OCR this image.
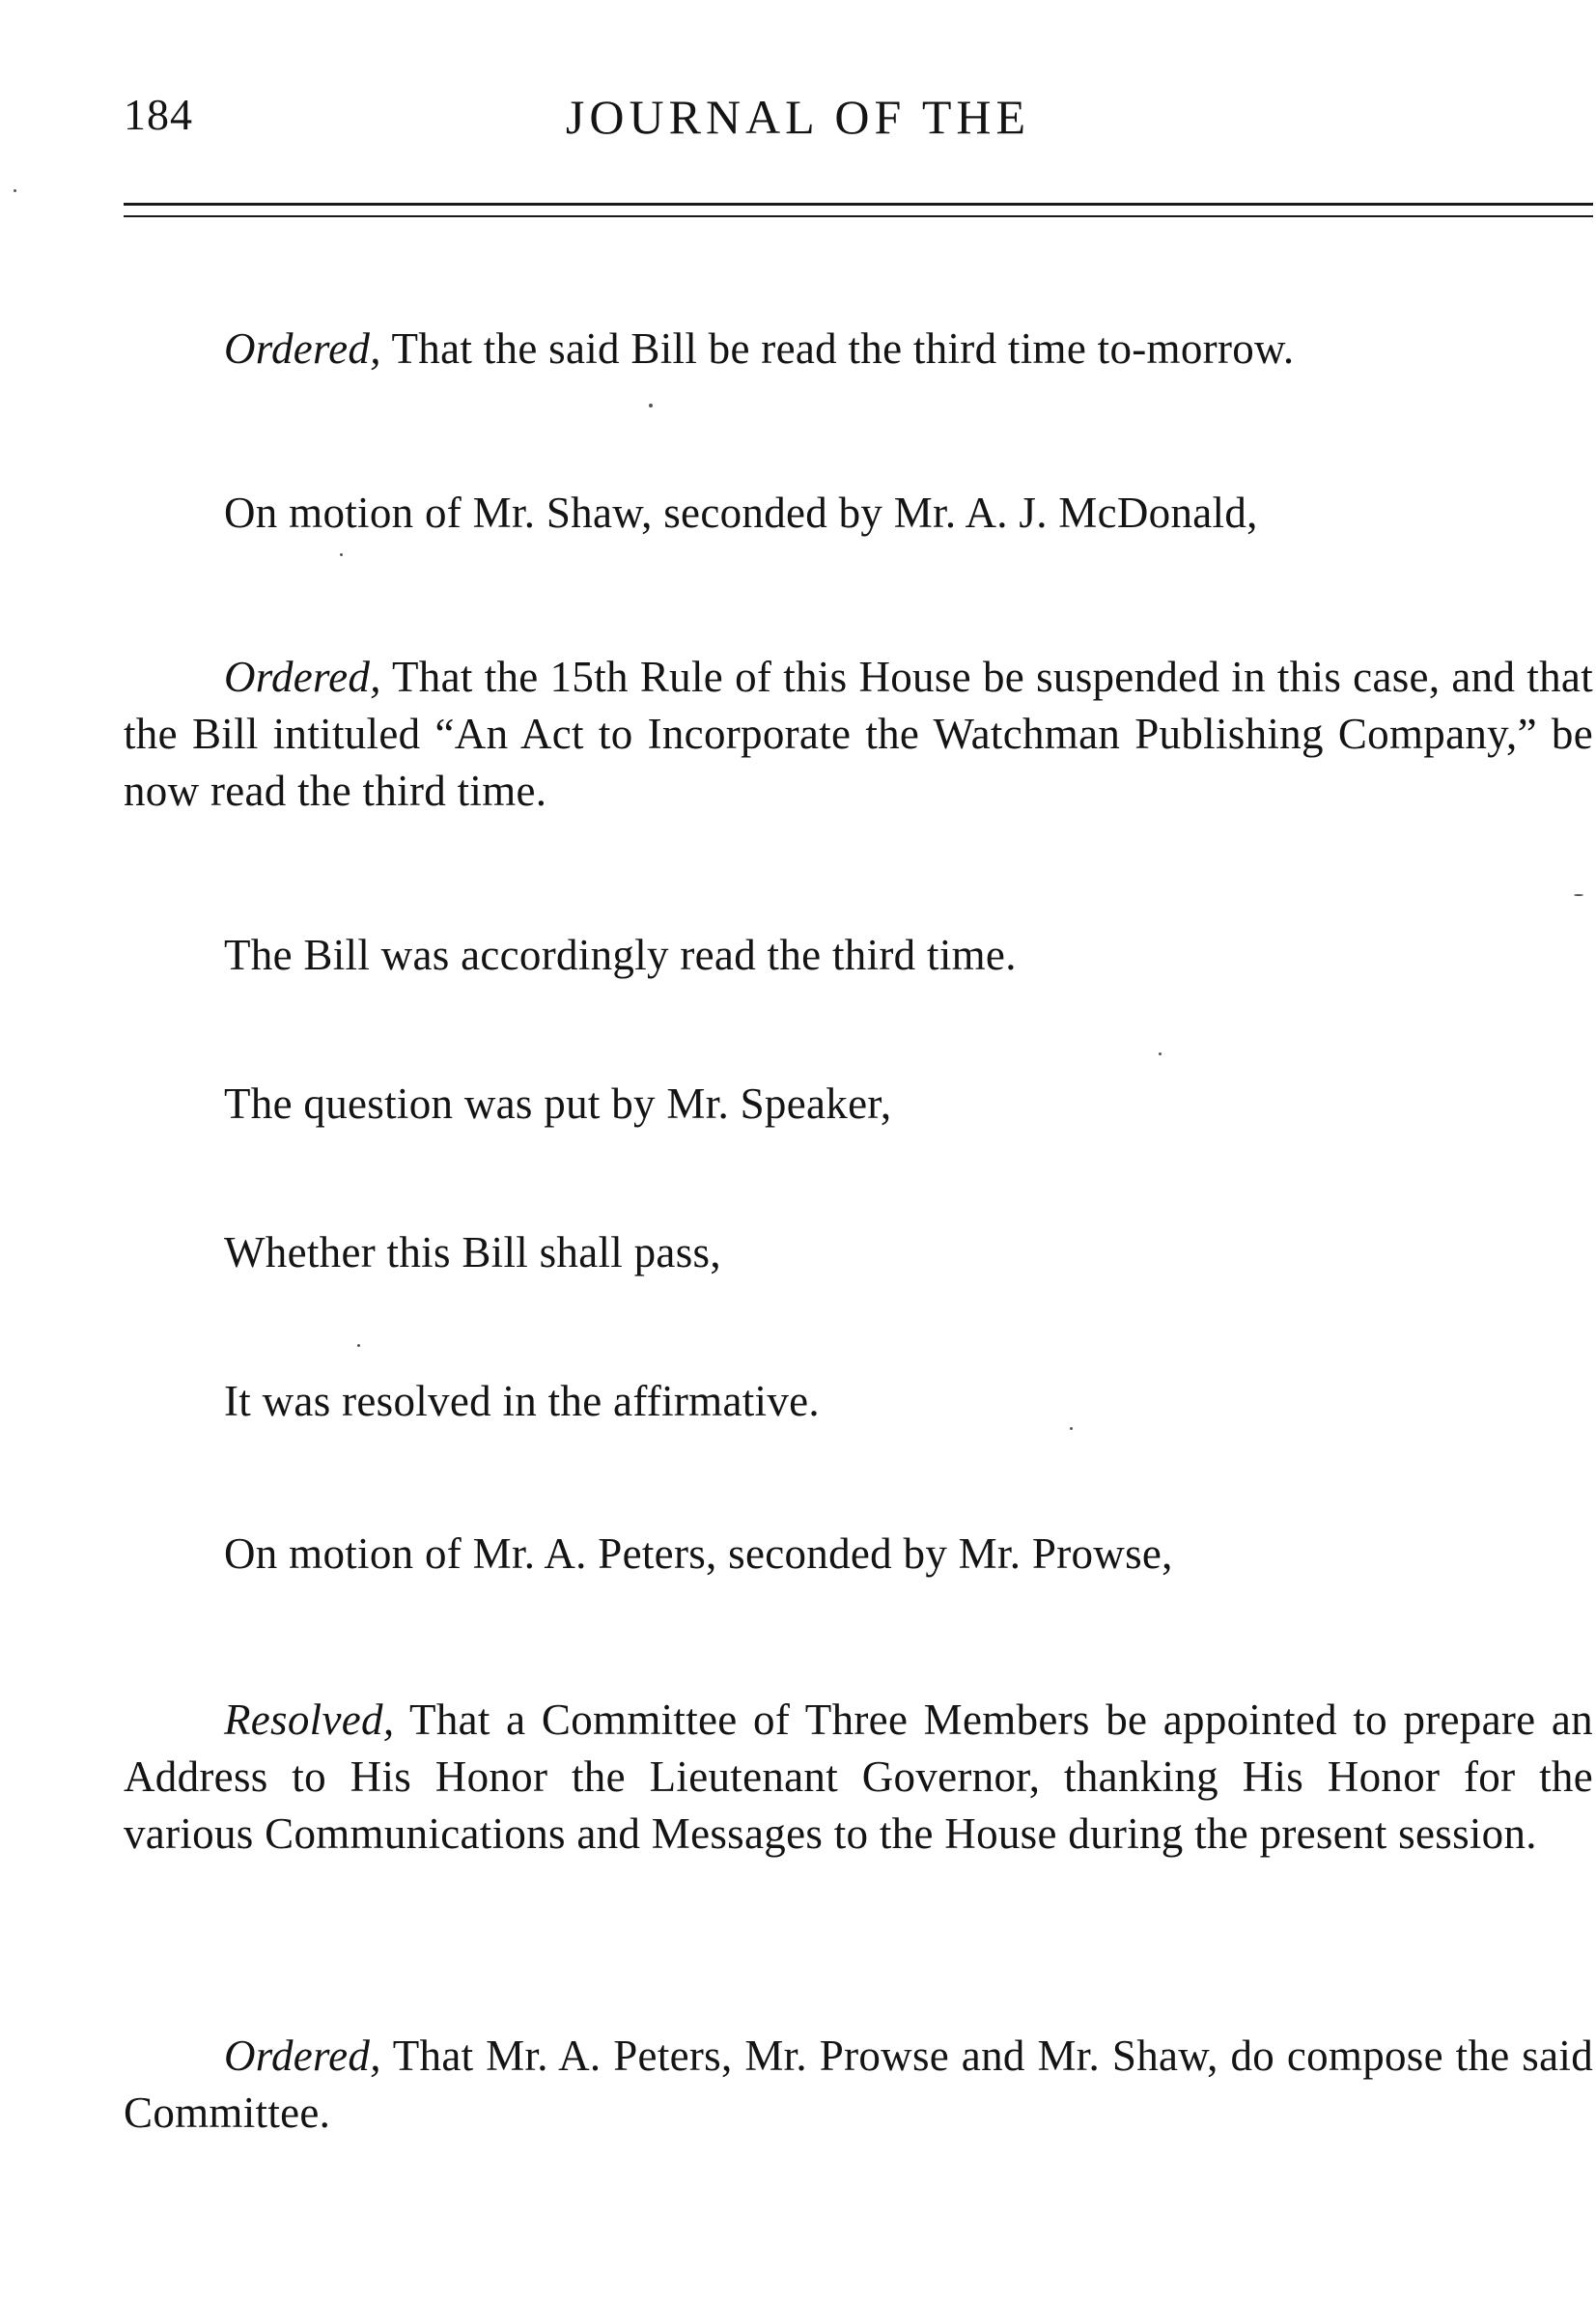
184	JOURNAL OF THE

Ordered, That the said Bill be read the third time to-morrow.

On motion of Mr. Shaw, seconded by Mr. A. J. McDonald,

Ordered, That the 15th Rule of this House be suspended in this case, and that the Bill intituled “An Act to Incorporate the Watchman Publishing Company,” be now read the third time.

The Bill was accordingly read the third time.

The question was put by Mr. Speaker,

Whether this Bill shall pass,

It was resolved in the affirmative.

On motion of Mr. A. Peters, seconded by Mr. Prowse,

Resolved, That a Committee of Three Members be appointed to prepare an Address to His Honor the Lieutenant Governor, thanking His Honor for the various Communications and Messages to the House during the present session.

Ordered, That Mr. A. Peters, Mr. Prowse and Mr. Shaw, do compose the said Committee.
